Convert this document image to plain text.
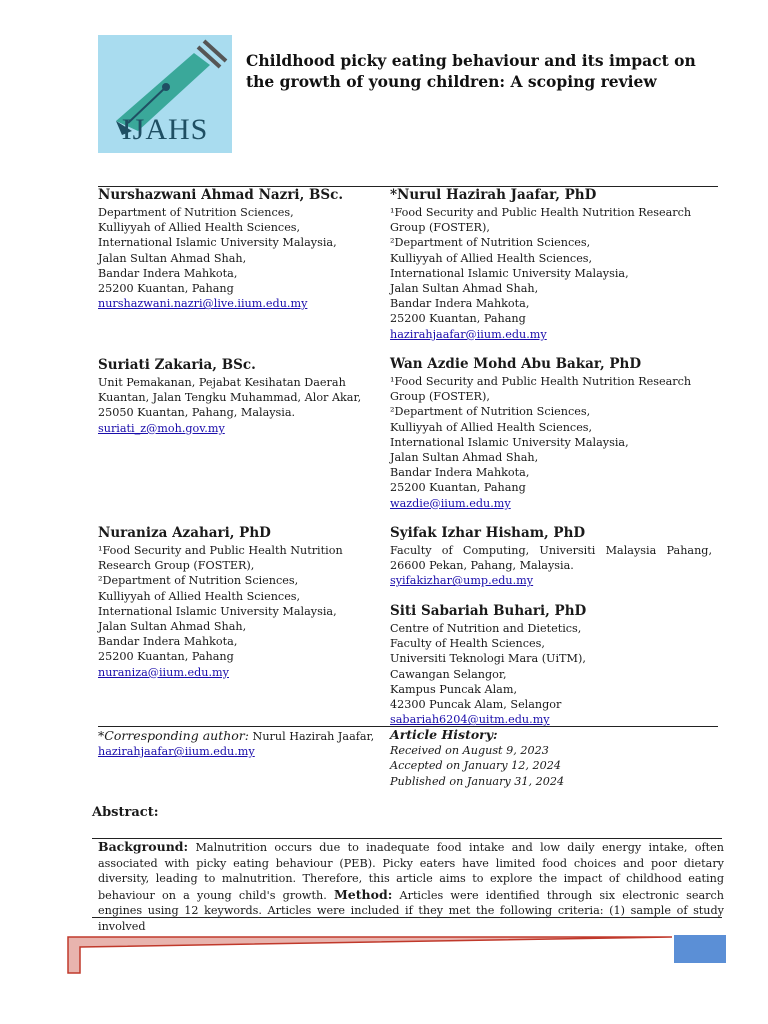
IJAHS
Childhood picky eating behaviour and its impact on the growth of young children: A scoping review
Nurshazwani Ahmad Nazri, BSc.
Department of Nutrition Sciences,
Kulliyyah of Allied Health Sciences,
International Islamic University Malaysia,
Jalan Sultan Ahmad Shah,
Bandar Indera Mahkota,
25200 Kuantan, Pahang
nurshazwani.nazri@live.iium.edu.my
Suriati Zakaria, BSc.
Unit Pemakanan, Pejabat Kesihatan Daerah
Kuantan, Jalan Tengku Muhammad, Alor Akar,
25050 Kuantan, Pahang, Malaysia.
suriati_z@moh.gov.my
Nuraniza Azahari, PhD
¹Food Security and Public Health Nutrition
Research Group (FOSTER),
²Department of Nutrition Sciences,
Kulliyyah of Allied Health Sciences,
International Islamic University Malaysia,
Jalan Sultan Ahmad Shah,
Bandar Indera Mahkota,
25200 Kuantan, Pahang
nuraniza@iium.edu.my
*Nurul Hazirah Jaafar, PhD
¹Food Security and Public Health Nutrition Research
Group (FOSTER),
²Department of Nutrition Sciences,
Kulliyyah of Allied Health Sciences,
International Islamic University Malaysia,
Jalan Sultan Ahmad Shah,
Bandar Indera Mahkota,
25200 Kuantan, Pahang
hazirahjaafar@iium.edu.my
Wan Azdie Mohd Abu Bakar, PhD
¹Food Security and Public Health Nutrition Research
Group (FOSTER),
²Department of Nutrition Sciences,
Kulliyyah of Allied Health Sciences,
International Islamic University Malaysia,
Jalan Sultan Ahmad Shah,
Bandar Indera Mahkota,
25200 Kuantan, Pahang
wazdie@iium.edu.my
Syifak Izhar Hisham, PhD
Faculty of Computing, Universiti Malaysia Pahang,
26600 Pekan, Pahang, Malaysia.
syifakizhar@ump.edu.my
Siti Sabariah Buhari, PhD
Centre of Nutrition and Dietetics,
Faculty of Health Sciences,
Universiti Teknologi Mara (UiTM),
Cawangan Selangor,
Kampus Puncak Alam,
42300 Puncak Alam, Selangor
sabariah6204@uitm.edu.my
*Corresponding author: Nurul Hazirah Jaafar,
hazirahjaafar@iium.edu.my
Article History:
Received on August 9, 2023
Accepted on January 12, 2024
Published on January 31, 2024
Abstract:
Background: Malnutrition occurs due to inadequate food intake and low daily energy intake, often associated with picky eating behaviour (PEB). Picky eaters have limited food choices and poor dietary diversity, leading to malnutrition. Therefore, this article aims to explore the impact of childhood eating behaviour on a young child's growth. Method: Articles were identified through six electronic search engines using 12 keywords. Articles were included if they met the following criteria: (1) sample of study involved
